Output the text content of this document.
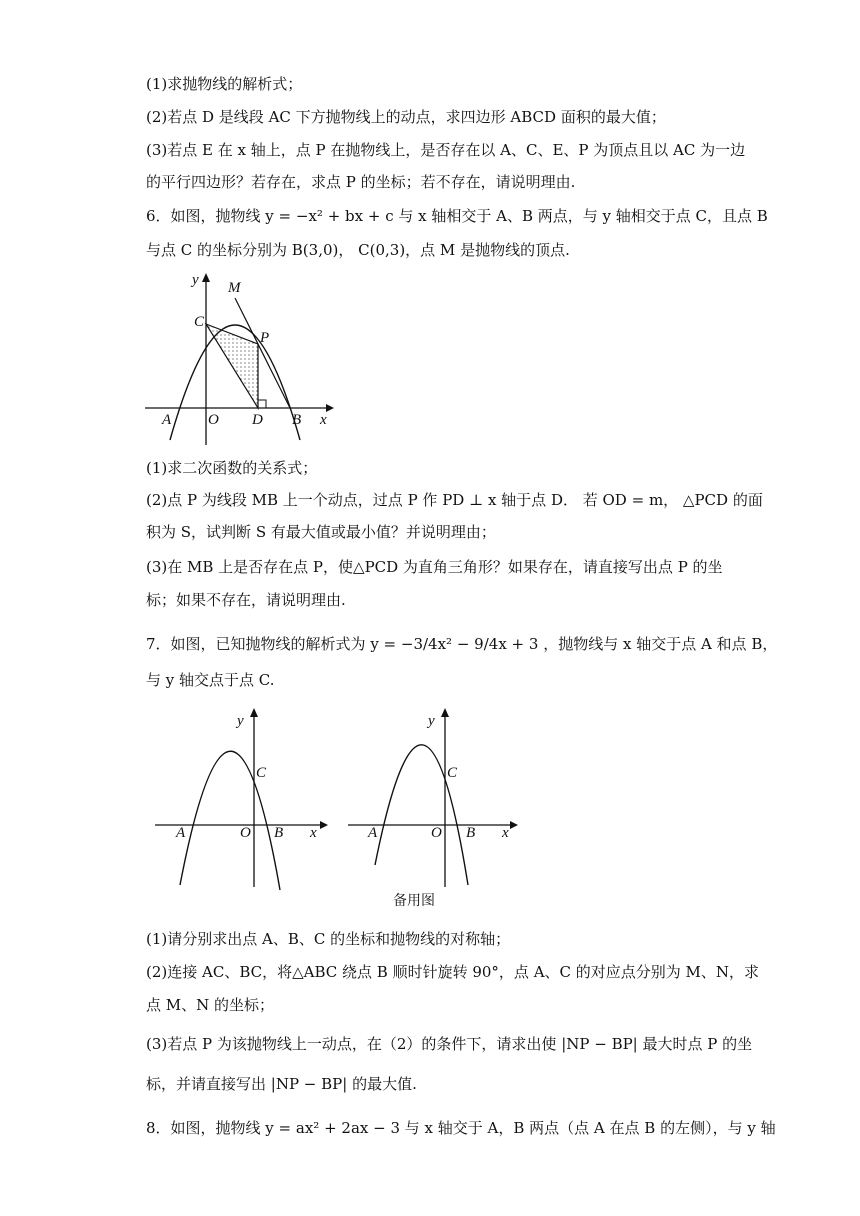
(1)求抛物线的解析式；
(2)若点 D 是线段 AC 下方抛物线上的动点，求四边形 ABCD 面积的最大值；
(3)若点 E 在 x 轴上，点 P 在抛物线上，是否存在以 A、C、E、P 为顶点且以 AC 为一边
的平行四边形？若存在，求点 P 的坐标；若不存在，请说明理由.
6．如图，抛物线 y = −x² + bx + c 与 x 轴相交于 A、B 两点，与 y 轴相交于点 C，且点 B
与点 C 的坐标分别为 B(3,0)， C(0,3)，点 M 是抛物线的顶点.
y M
C
P
A O D B x
(1)求二次函数的关系式；
(2)点 P 为线段 MB 上一个动点，过点 P 作 PD ⊥ x 轴于点 D． 若 OD = m， △PCD 的面
积为 S，试判断 S 有最大值或最小值？并说明理由；
(3)在 MB 上是否存在点 P，使△PCD 为直角三角形？如果存在，请直接写出点 P 的坐
标；如果不存在，请说明理由.
7．如图，已知抛物线的解析式为 y = −3/4x² − 9/4x + 3 ，抛物线与 x 轴交于点 A 和点 B，
与 y 轴交点于点 C.
y
C
A	O B x
y
C
A	O B x
备用图
(1)请分别求出点 A、B、C 的坐标和抛物线的对称轴；
(2)连接 AC、BC，将△ABC 绕点 B 顺时针旋转 90°，点 A、C 的对应点分别为 M、N，求
点 M、N 的坐标；
(3)若点 P 为该抛物线上一动点，在（2）的条件下，请求出使 |NP − BP| 最大时点 P 的坐
标，并请直接写出 |NP − BP| 的最大值.
8．如图，抛物线 y = ax² + 2ax − 3 与 x 轴交于 A，B 两点（点 A 在点 B 的左侧），与 y 轴
